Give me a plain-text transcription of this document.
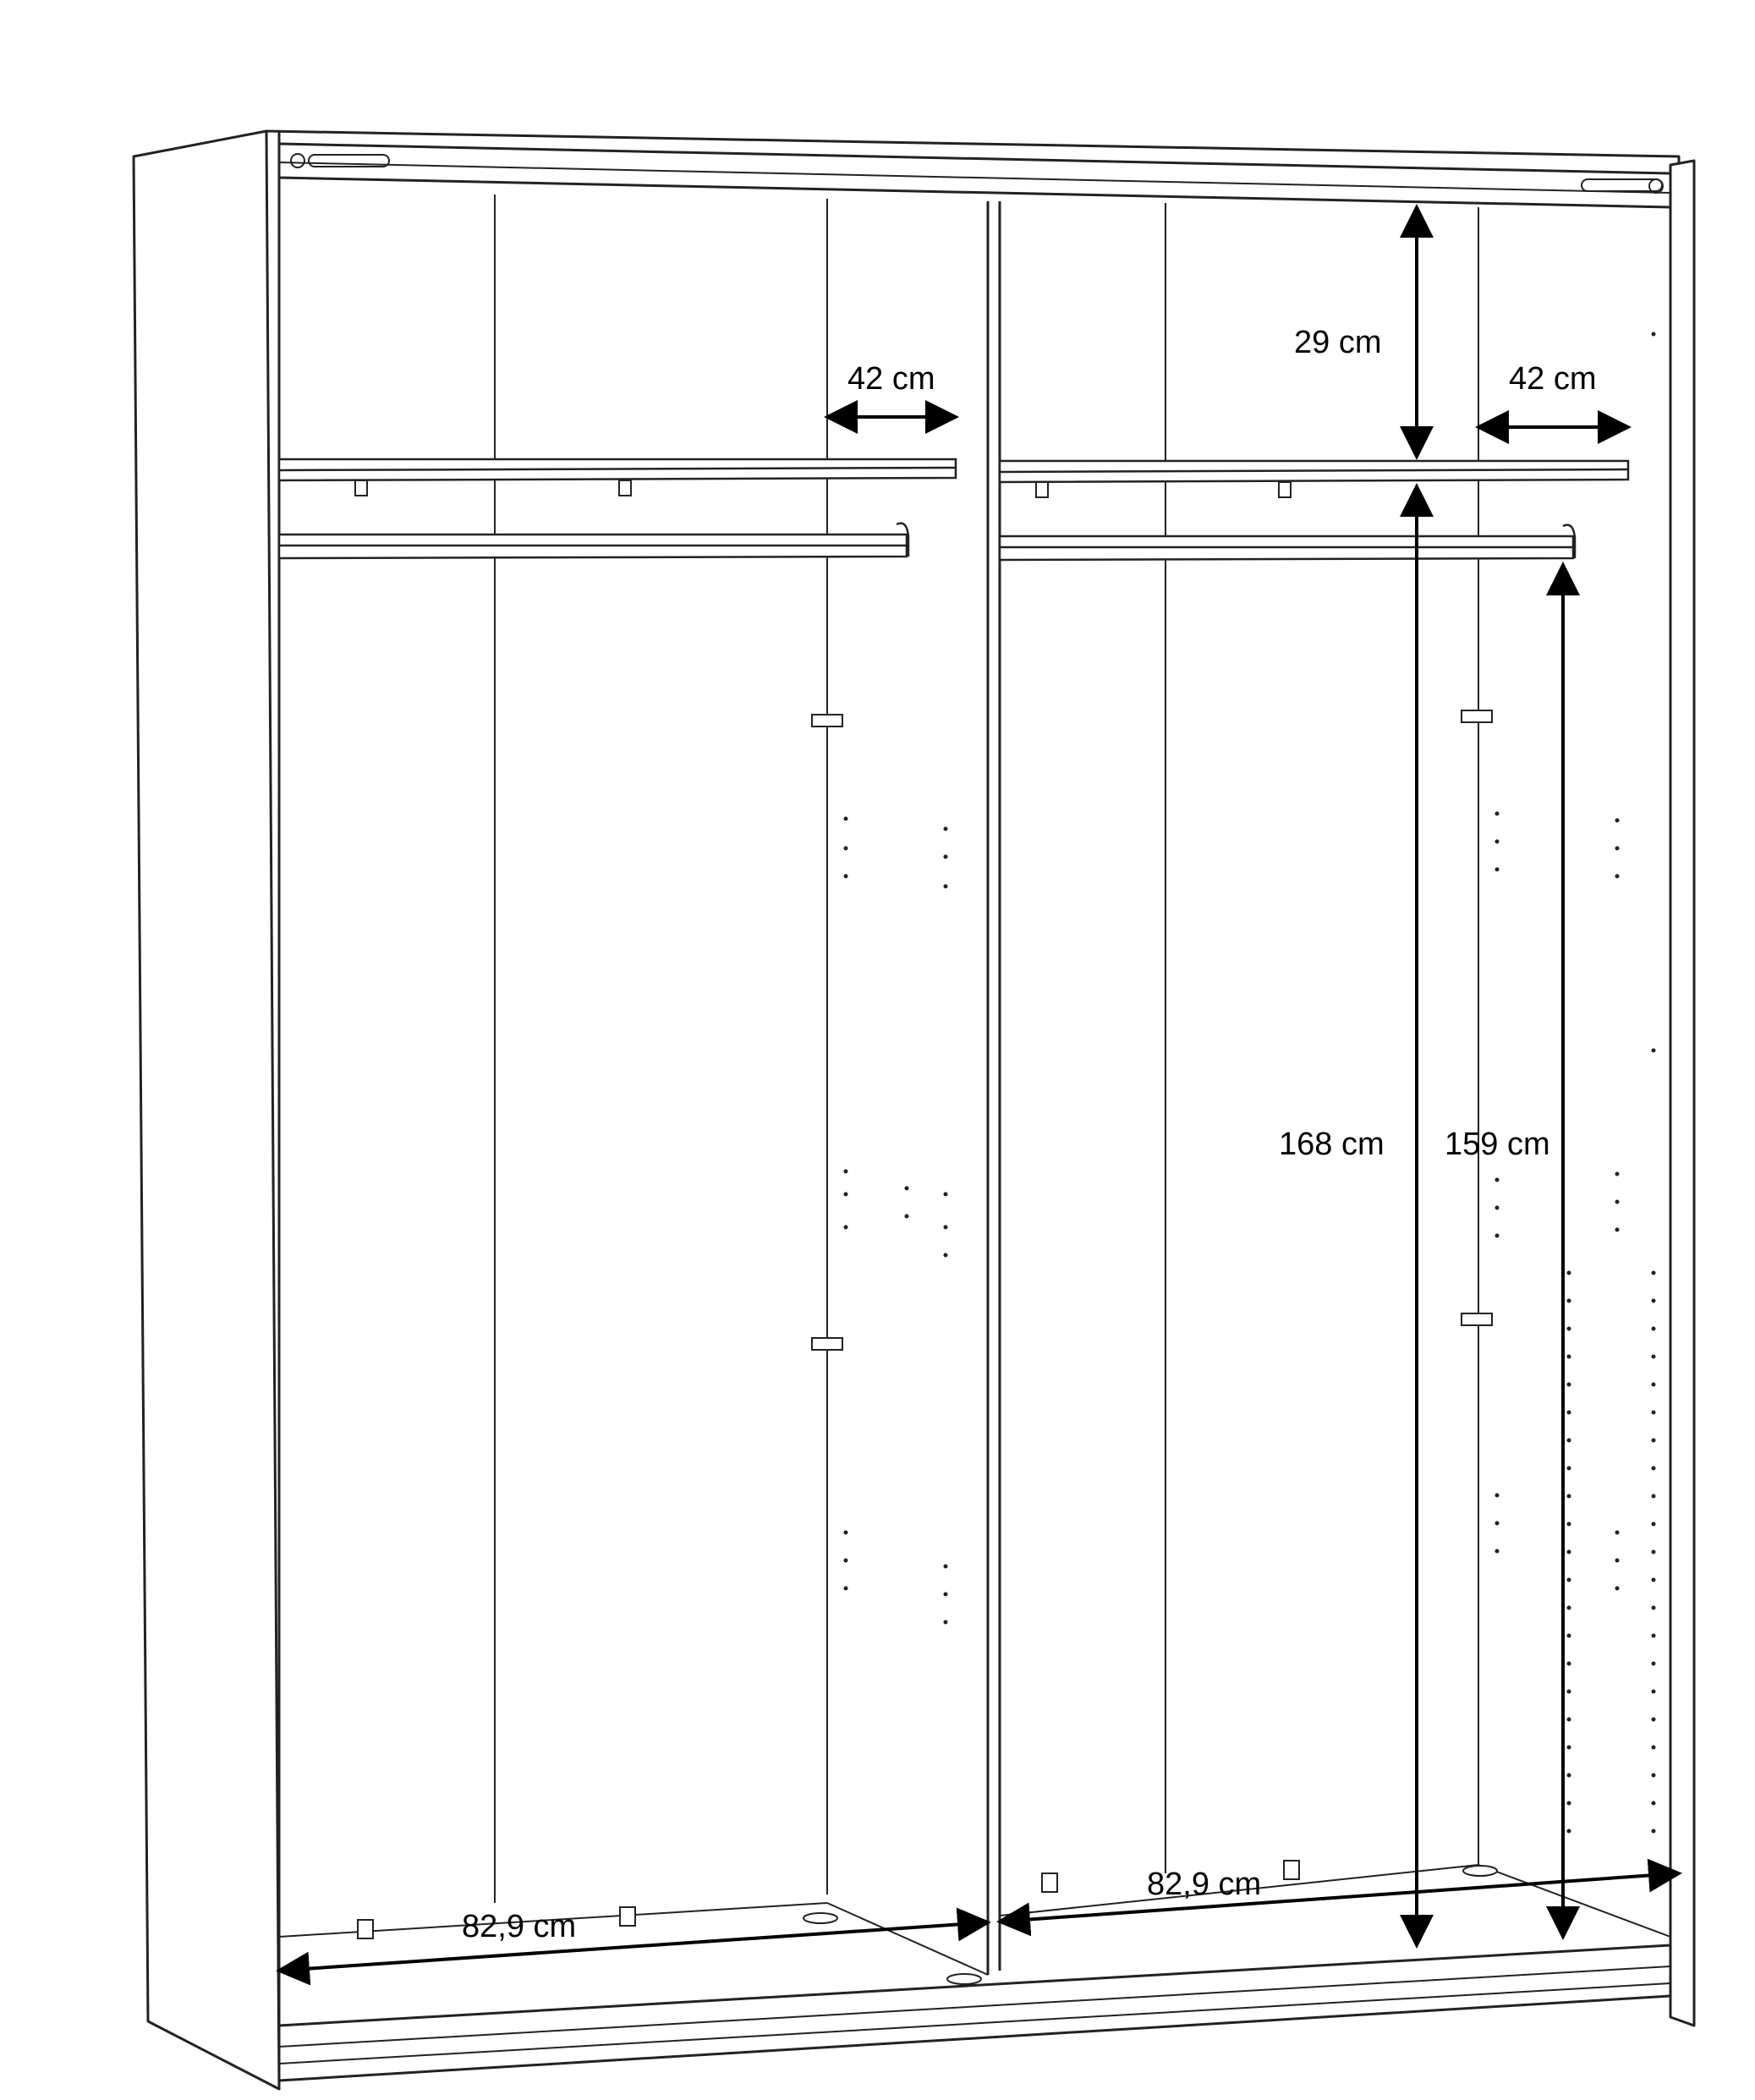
29 cm
42 cm	42 cm
168 cm 159 cm
82,9 cm
82,9 cm
